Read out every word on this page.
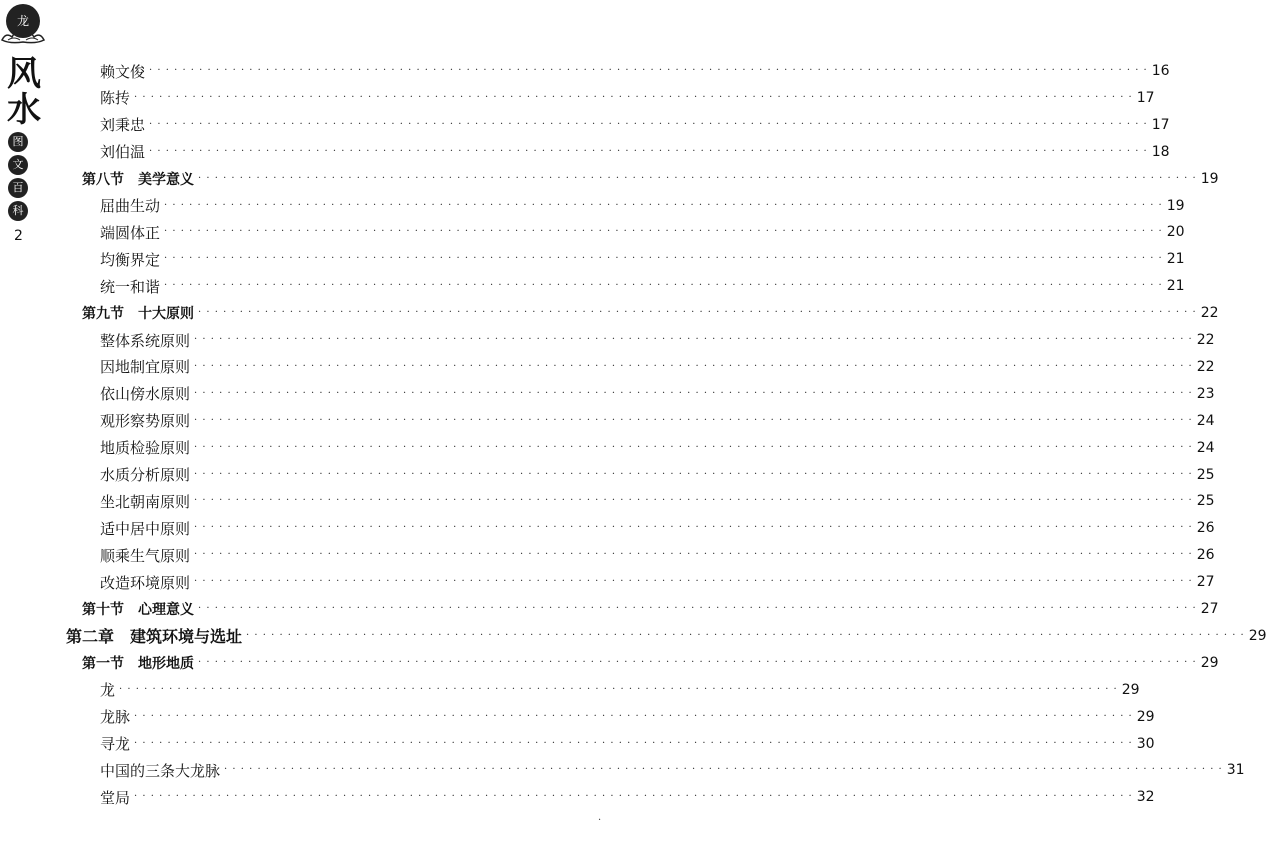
龙
风
水
图
文
百
科
2
赖文俊 · · · · · · · · · · · · · · · · · · · · · · · · · · · · · · · · · · · · · · · · · · · · · · · · · · · · · · · · · · · · · · · · · · · · · · · · · · · · · · · · · · · · · · · · · · · · · · · · · · · · · · · · · · · · · · · · · · · · · · · · 16
陈抟 · · · · · · · · · · · · · · · · · · · · · · · · · · · · · · · · · · · · · · · · · · · · · · · · · · · · · · · · · · · · · · · · · · · · · · · · · · · · · · · · · · · · · · · · · · · · · · · · · · · · · · · · · · · · · · · · · · · · · · · · 17
刘秉忠 · · · · · · · · · · · · · · · · · · · · · · · · · · · · · · · · · · · · · · · · · · · · · · · · · · · · · · · · · · · · · · · · · · · · · · · · · · · · · · · · · · · · · · · · · · · · · · · · · · · · · · · · · · · · · · · · · · · · · · · · 17
刘伯温 · · · · · · · · · · · · · · · · · · · · · · · · · · · · · · · · · · · · · · · · · · · · · · · · · · · · · · · · · · · · · · · · · · · · · · · · · · · · · · · · · · · · · · · · · · · · · · · · · · · · · · · · · · · · · · · · · · · · · · · · 18
第八节　美学意义 · · · · · · · · · · · · · · · · · · · · · · · · · · · · · · · · · · · · · · · · · · · · · · · · · · · · · · · · · · · · · · · · · · · · · · · · · · · · · · · · · · · · · · · · · · · · · · · · · · · · · · · · · · · · · · · · · · · · · · · · 19
屈曲生动 · · · · · · · · · · · · · · · · · · · · · · · · · · · · · · · · · · · · · · · · · · · · · · · · · · · · · · · · · · · · · · · · · · · · · · · · · · · · · · · · · · · · · · · · · · · · · · · · · · · · · · · · · · · · · · · · · · · · · · · · 19
端圆体正 · · · · · · · · · · · · · · · · · · · · · · · · · · · · · · · · · · · · · · · · · · · · · · · · · · · · · · · · · · · · · · · · · · · · · · · · · · · · · · · · · · · · · · · · · · · · · · · · · · · · · · · · · · · · · · · · · · · · · · · · 20
均衡界定 · · · · · · · · · · · · · · · · · · · · · · · · · · · · · · · · · · · · · · · · · · · · · · · · · · · · · · · · · · · · · · · · · · · · · · · · · · · · · · · · · · · · · · · · · · · · · · · · · · · · · · · · · · · · · · · · · · · · · · · · 21
统一和谐 · · · · · · · · · · · · · · · · · · · · · · · · · · · · · · · · · · · · · · · · · · · · · · · · · · · · · · · · · · · · · · · · · · · · · · · · · · · · · · · · · · · · · · · · · · · · · · · · · · · · · · · · · · · · · · · · · · · · · · · · 21
第九节　十大原则 · · · · · · · · · · · · · · · · · · · · · · · · · · · · · · · · · · · · · · · · · · · · · · · · · · · · · · · · · · · · · · · · · · · · · · · · · · · · · · · · · · · · · · · · · · · · · · · · · · · · · · · · · · · · · · · · · · · · · · · · 22
整体系统原则 · · · · · · · · · · · · · · · · · · · · · · · · · · · · · · · · · · · · · · · · · · · · · · · · · · · · · · · · · · · · · · · · · · · · · · · · · · · · · · · · · · · · · · · · · · · · · · · · · · · · · · · · · · · · · · · · · · · · · · · · 22
因地制宜原则 · · · · · · · · · · · · · · · · · · · · · · · · · · · · · · · · · · · · · · · · · · · · · · · · · · · · · · · · · · · · · · · · · · · · · · · · · · · · · · · · · · · · · · · · · · · · · · · · · · · · · · · · · · · · · · · · · · · · · · · · 22
依山傍水原则 · · · · · · · · · · · · · · · · · · · · · · · · · · · · · · · · · · · · · · · · · · · · · · · · · · · · · · · · · · · · · · · · · · · · · · · · · · · · · · · · · · · · · · · · · · · · · · · · · · · · · · · · · · · · · · · · · · · · · · · · 23
观形察势原则 · · · · · · · · · · · · · · · · · · · · · · · · · · · · · · · · · · · · · · · · · · · · · · · · · · · · · · · · · · · · · · · · · · · · · · · · · · · · · · · · · · · · · · · · · · · · · · · · · · · · · · · · · · · · · · · · · · · · · · · · 24
地质检验原则 · · · · · · · · · · · · · · · · · · · · · · · · · · · · · · · · · · · · · · · · · · · · · · · · · · · · · · · · · · · · · · · · · · · · · · · · · · · · · · · · · · · · · · · · · · · · · · · · · · · · · · · · · · · · · · · · · · · · · · · · 24
水质分析原则 · · · · · · · · · · · · · · · · · · · · · · · · · · · · · · · · · · · · · · · · · · · · · · · · · · · · · · · · · · · · · · · · · · · · · · · · · · · · · · · · · · · · · · · · · · · · · · · · · · · · · · · · · · · · · · · · · · · · · · · · 25
坐北朝南原则 · · · · · · · · · · · · · · · · · · · · · · · · · · · · · · · · · · · · · · · · · · · · · · · · · · · · · · · · · · · · · · · · · · · · · · · · · · · · · · · · · · · · · · · · · · · · · · · · · · · · · · · · · · · · · · · · · · · · · · · · 25
适中居中原则 · · · · · · · · · · · · · · · · · · · · · · · · · · · · · · · · · · · · · · · · · · · · · · · · · · · · · · · · · · · · · · · · · · · · · · · · · · · · · · · · · · · · · · · · · · · · · · · · · · · · · · · · · · · · · · · · · · · · · · · · 26
顺乘生气原则 · · · · · · · · · · · · · · · · · · · · · · · · · · · · · · · · · · · · · · · · · · · · · · · · · · · · · · · · · · · · · · · · · · · · · · · · · · · · · · · · · · · · · · · · · · · · · · · · · · · · · · · · · · · · · · · · · · · · · · · · 26
改造环境原则 · · · · · · · · · · · · · · · · · · · · · · · · · · · · · · · · · · · · · · · · · · · · · · · · · · · · · · · · · · · · · · · · · · · · · · · · · · · · · · · · · · · · · · · · · · · · · · · · · · · · · · · · · · · · · · · · · · · · · · · · 27
第十节　心理意义 · · · · · · · · · · · · · · · · · · · · · · · · · · · · · · · · · · · · · · · · · · · · · · · · · · · · · · · · · · · · · · · · · · · · · · · · · · · · · · · · · · · · · · · · · · · · · · · · · · · · · · · · · · · · · · · · · · · · · · · · 27
第二章　建筑环境与选址 · · · · · · · · · · · · · · · · · · · · · · · · · · · · · · · · · · · · · · · · · · · · · · · · · · · · · · · · · · · · · · · · · · · · · · · · · · · · · · · · · · · · · · · · · · · · · · · · · · · · · · · · · · · · · · · · · · · · · · · · 29
第一节　地形地质 · · · · · · · · · · · · · · · · · · · · · · · · · · · · · · · · · · · · · · · · · · · · · · · · · · · · · · · · · · · · · · · · · · · · · · · · · · · · · · · · · · · · · · · · · · · · · · · · · · · · · · · · · · · · · · · · · · · · · · · · 29
龙 · · · · · · · · · · · · · · · · · · · · · · · · · · · · · · · · · · · · · · · · · · · · · · · · · · · · · · · · · · · · · · · · · · · · · · · · · · · · · · · · · · · · · · · · · · · · · · · · · · · · · · · · · · · · · · · · · · · · · · · · 29
龙脉 · · · · · · · · · · · · · · · · · · · · · · · · · · · · · · · · · · · · · · · · · · · · · · · · · · · · · · · · · · · · · · · · · · · · · · · · · · · · · · · · · · · · · · · · · · · · · · · · · · · · · · · · · · · · · · · · · · · · · · · · 29
寻龙 · · · · · · · · · · · · · · · · · · · · · · · · · · · · · · · · · · · · · · · · · · · · · · · · · · · · · · · · · · · · · · · · · · · · · · · · · · · · · · · · · · · · · · · · · · · · · · · · · · · · · · · · · · · · · · · · · · · · · · · · 30
中国的三条大龙脉 · · · · · · · · · · · · · · · · · · · · · · · · · · · · · · · · · · · · · · · · · · · · · · · · · · · · · · · · · · · · · · · · · · · · · · · · · · · · · · · · · · · · · · · · · · · · · · · · · · · · · · · · · · · · · · · · · · · · · · · · 31
堂局 · · · · · · · · · · · · · · · · · · · · · · · · · · · · · · · · · · · · · · · · · · · · · · · · · · · · · · · · · · · · · · · · · · · · · · · · · · · · · · · · · · · · · · · · · · · · · · · · · · · · · · · · · · · · · · · · · · · · · · · · 32
·
